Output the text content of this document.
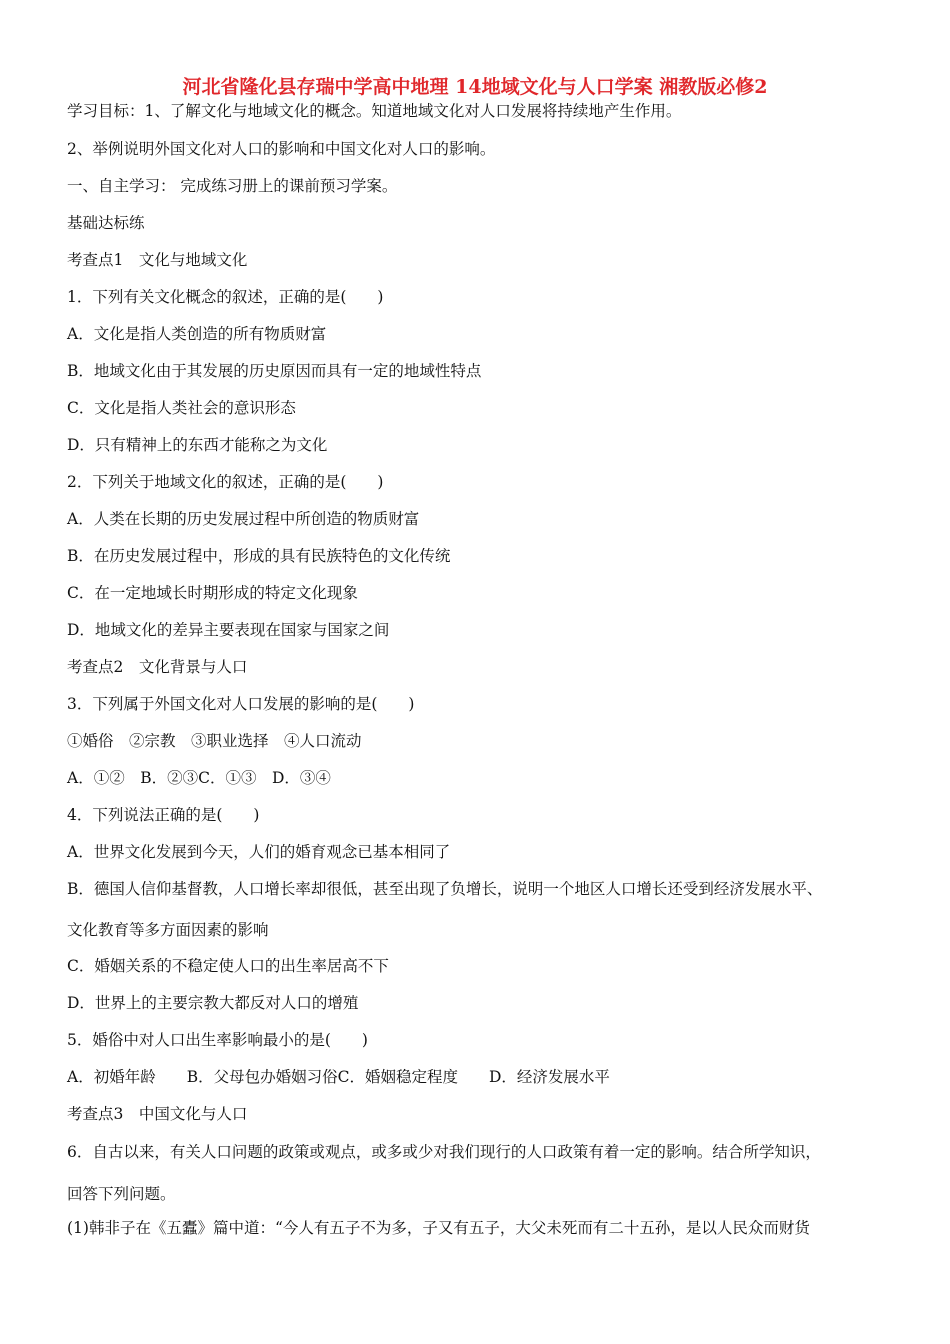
河北省隆化县存瑞中学高中地理 14地域文化与人口学案 湘教版必修2
学习目标：1、了解文化与地域文化的概念。知道地域文化对人口发展将持续地产生作用。
2、举例说明外国文化对人口的影响和中国文化对人口的影响。
一、自主学习： 完成练习册上的课前预习学案。
基础达标练
考查点1　文化与地域文化
1．下列有关文化概念的叙述，正确的是(　　)
A．文化是指人类创造的所有物质财富
B．地域文化由于其发展的历史原因而具有一定的地域性特点
C．文化是指人类社会的意识形态
D．只有精神上的东西才能称之为文化
2．下列关于地域文化的叙述，正确的是(　　)
A．人类在长期的历史发展过程中所创造的物质财富
B．在历史发展过程中，形成的具有民族特色的文化传统
C．在一定地域长时期形成的特定文化现象
D．地域文化的差异主要表现在国家与国家之间
考查点2　文化背景与人口
3．下列属于外国文化对人口发展的影响的是(　　)
①婚俗　②宗教　③职业选择　④人口流动
A．①②　B．②③C．①③　D．③④
4．下列说法正确的是(　　)
A．世界文化发展到今天，人们的婚育观念已基本相同了
B．德国人信仰基督教，人口增长率却很低，甚至出现了负增长，说明一个地区人口增长还受到经济发展水平、
文化教育等多方面因素的影响
C．婚姻关系的不稳定使人口的出生率居高不下
D．世界上的主要宗教大都反对人口的增殖
5．婚俗中对人口出生率影响最小的是(　　)
A．初婚年龄　　B．父母包办婚姻习俗C．婚姻稳定程度　　D．经济发展水平
考查点3　中国文化与人口
6．自古以来，有关人口问题的政策或观点，或多或少对我们现行的人口政策有着一定的影响。结合所学知识，
回答下列问题。
(1)韩非子在《五蠹》篇中道：“今人有五子不为多，子又有五子，大父未死而有二十五孙，是以人民众而财货
